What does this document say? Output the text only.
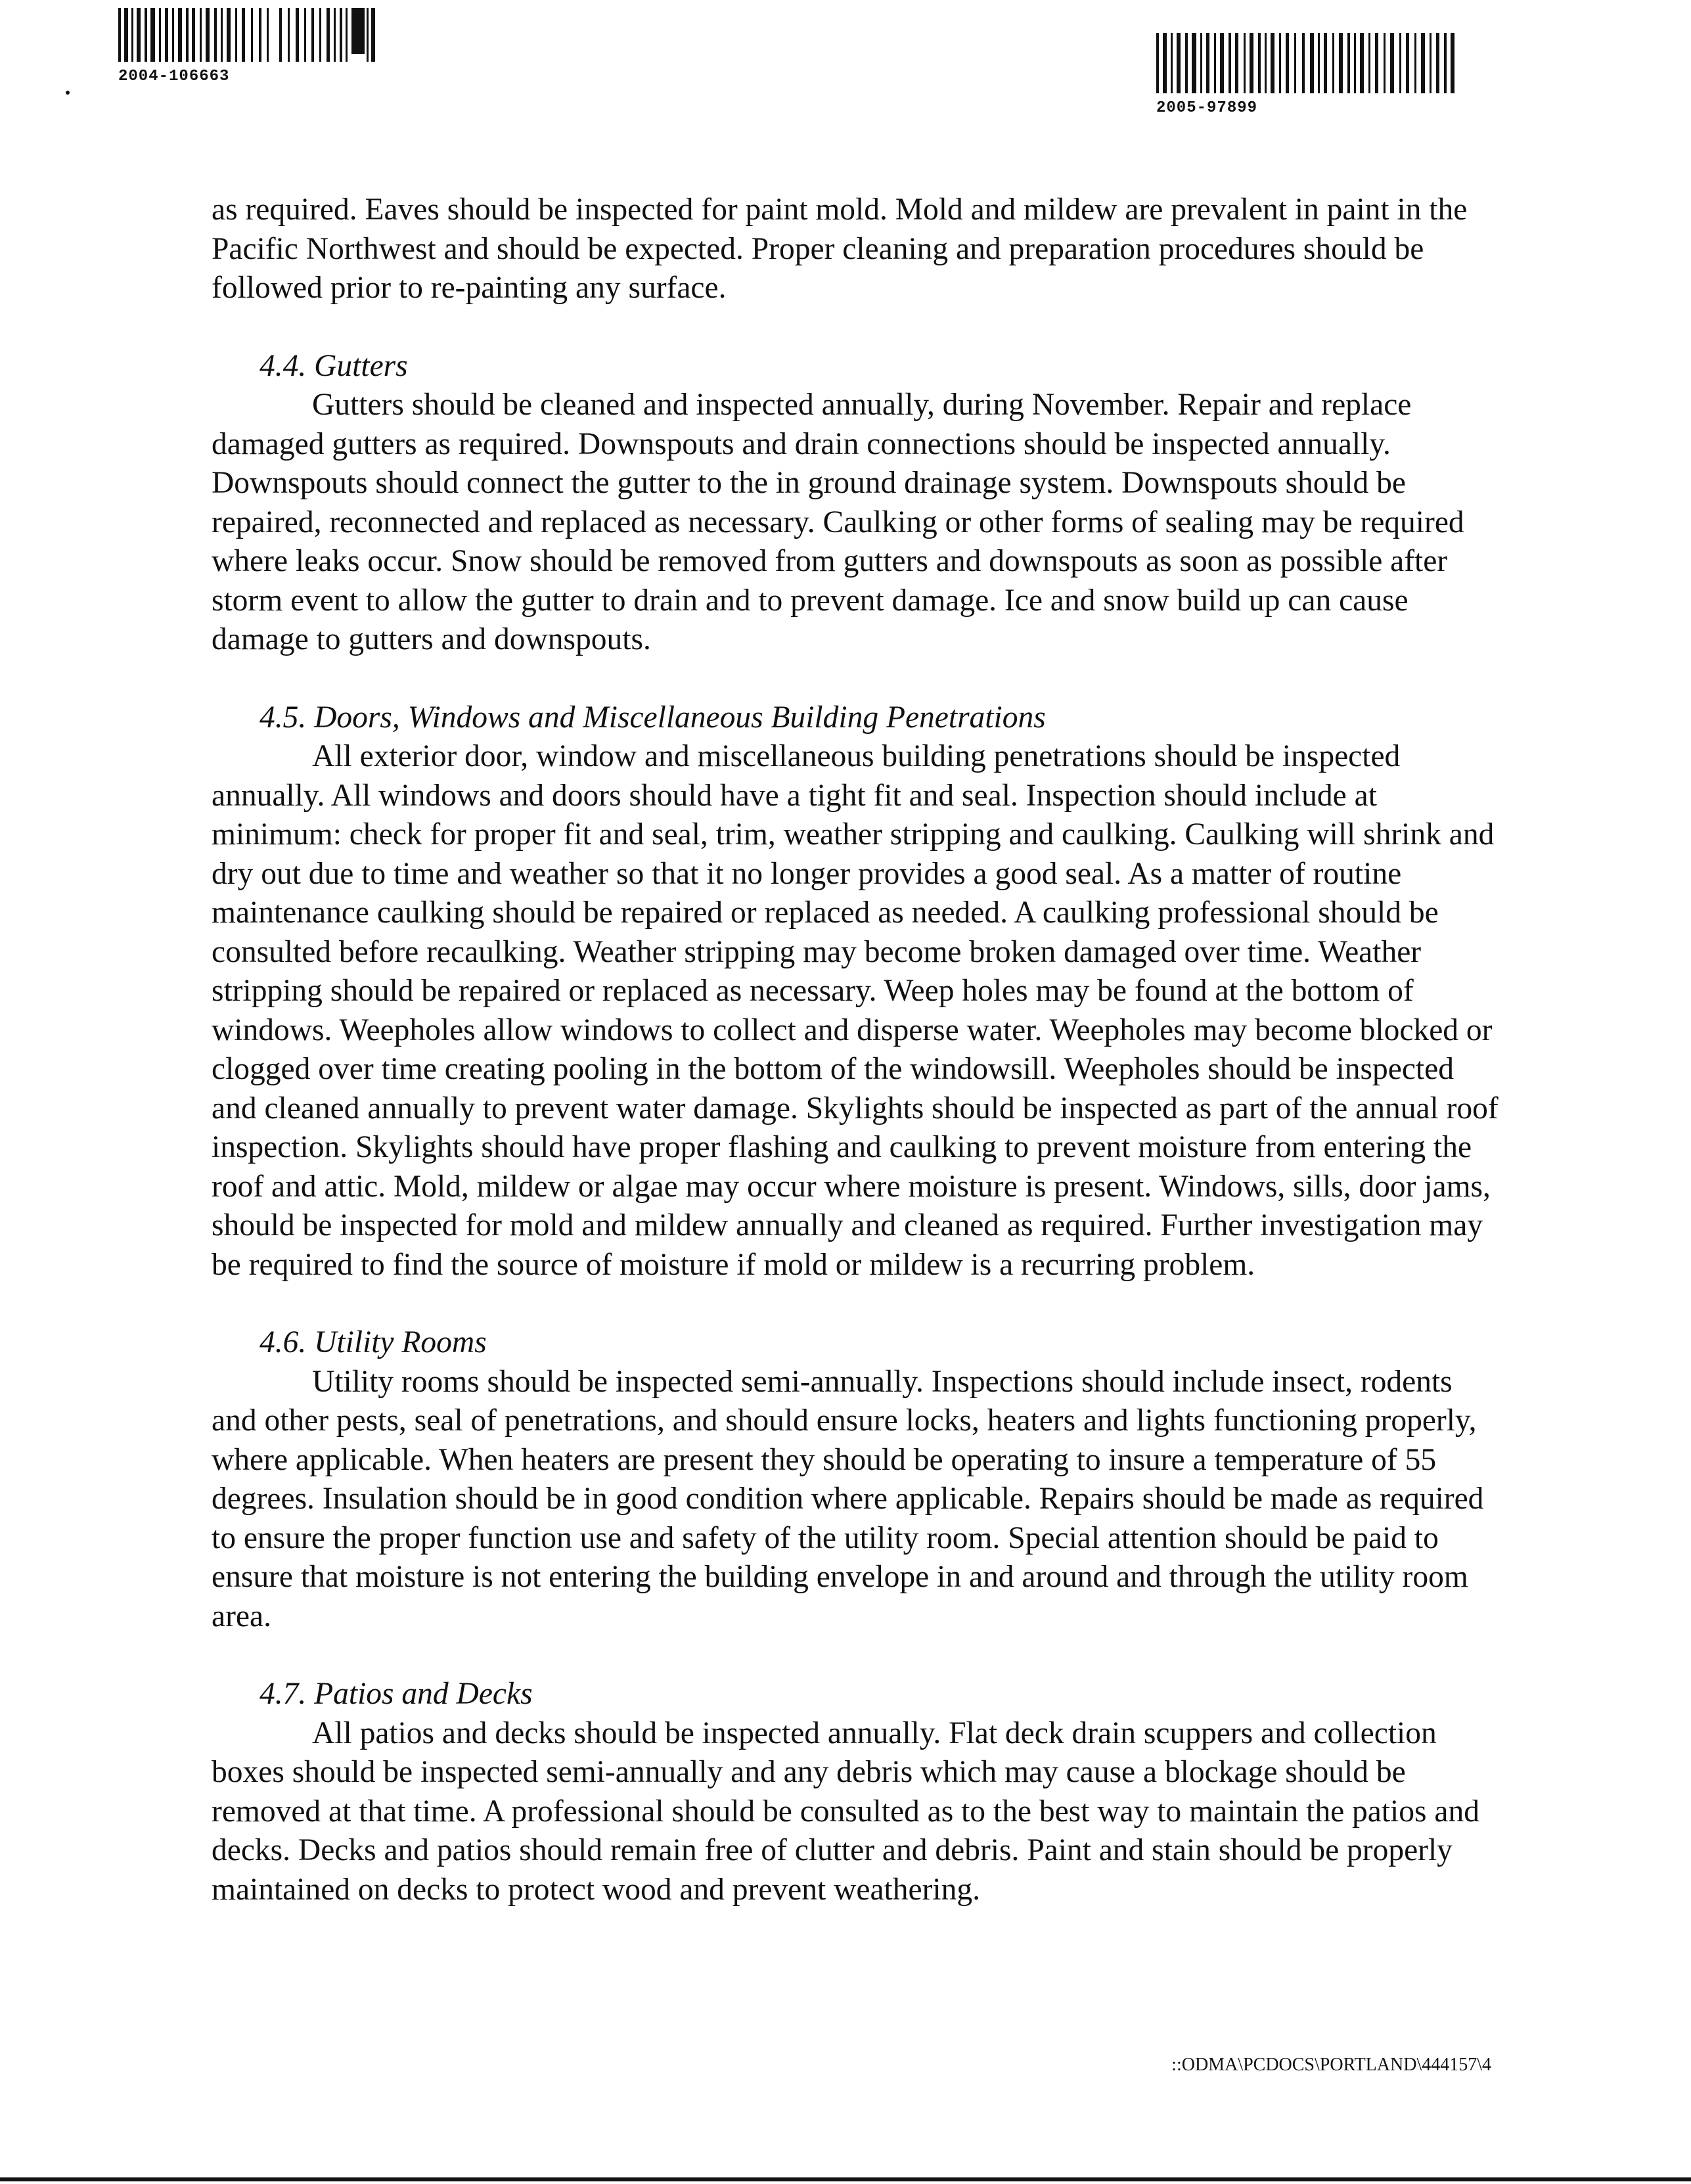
2004-106663
2005-97899

as required. Eaves should be inspected for paint mold. Mold and mildew are prevalent in paint in the Pacific Northwest and should be expected. Proper cleaning and preparation procedures should be followed prior to re-painting any surface.

4.4. Gutters

Gutters should be cleaned and inspected annually, during November. Repair and replace damaged gutters as required. Downspouts and drain connections should be inspected annually. Downspouts should connect the gutter to the in ground drainage system. Downspouts should be repaired, reconnected and replaced as necessary. Caulking or other forms of sealing may be required where leaks occur. Snow should be removed from gutters and downspouts as soon as possible after storm event to allow the gutter to drain and to prevent damage. Ice and snow build up can cause damage to gutters and downspouts.

4.5. Doors, Windows and Miscellaneous Building Penetrations

All exterior door, window and miscellaneous building penetrations should be inspected annually. All windows and doors should have a tight fit and seal. Inspection should include at minimum: check for proper fit and seal, trim, weather stripping and caulking. Caulking will shrink and dry out due to time and weather so that it no longer provides a good seal. As a matter of routine maintenance caulking should be repaired or replaced as needed. A caulking professional should be consulted before recaulking. Weather stripping may become broken damaged over time. Weather stripping should be repaired or replaced as necessary. Weep holes may be found at the bottom of windows. Weepholes allow windows to collect and disperse water. Weepholes may become blocked or clogged over time creating pooling in the bottom of the windowsill. Weepholes should be inspected and cleaned annually to prevent water damage. Skylights should be inspected as part of the annual roof inspection. Skylights should have proper flashing and caulking to prevent moisture from entering the roof and attic. Mold, mildew or algae may occur where moisture is present. Windows, sills, door jams, should be inspected for mold and mildew annually and cleaned as required. Further investigation may be required to find the source of moisture if mold or mildew is a recurring problem.

4.6. Utility Rooms

Utility rooms should be inspected semi-annually. Inspections should include insect, rodents and other pests, seal of penetrations, and should ensure locks, heaters and lights functioning properly, where applicable. When heaters are present they should be operating to insure a temperature of 55 degrees. Insulation should be in good condition where applicable. Repairs should be made as required to ensure the proper function use and safety of the utility room. Special attention should be paid to ensure that moisture is not entering the building envelope in and around and through the utility room area.

4.7. Patios and Decks

All patios and decks should be inspected annually. Flat deck drain scuppers and collection boxes should be inspected semi-annually and any debris which may cause a blockage should be removed at that time. A professional should be consulted as to the best way to maintain the patios and decks. Decks and patios should remain free of clutter and debris. Paint and stain should be properly maintained on decks to protect wood and prevent weathering.

::ODMA\PCDOCS\PORTLAND\444157\4
